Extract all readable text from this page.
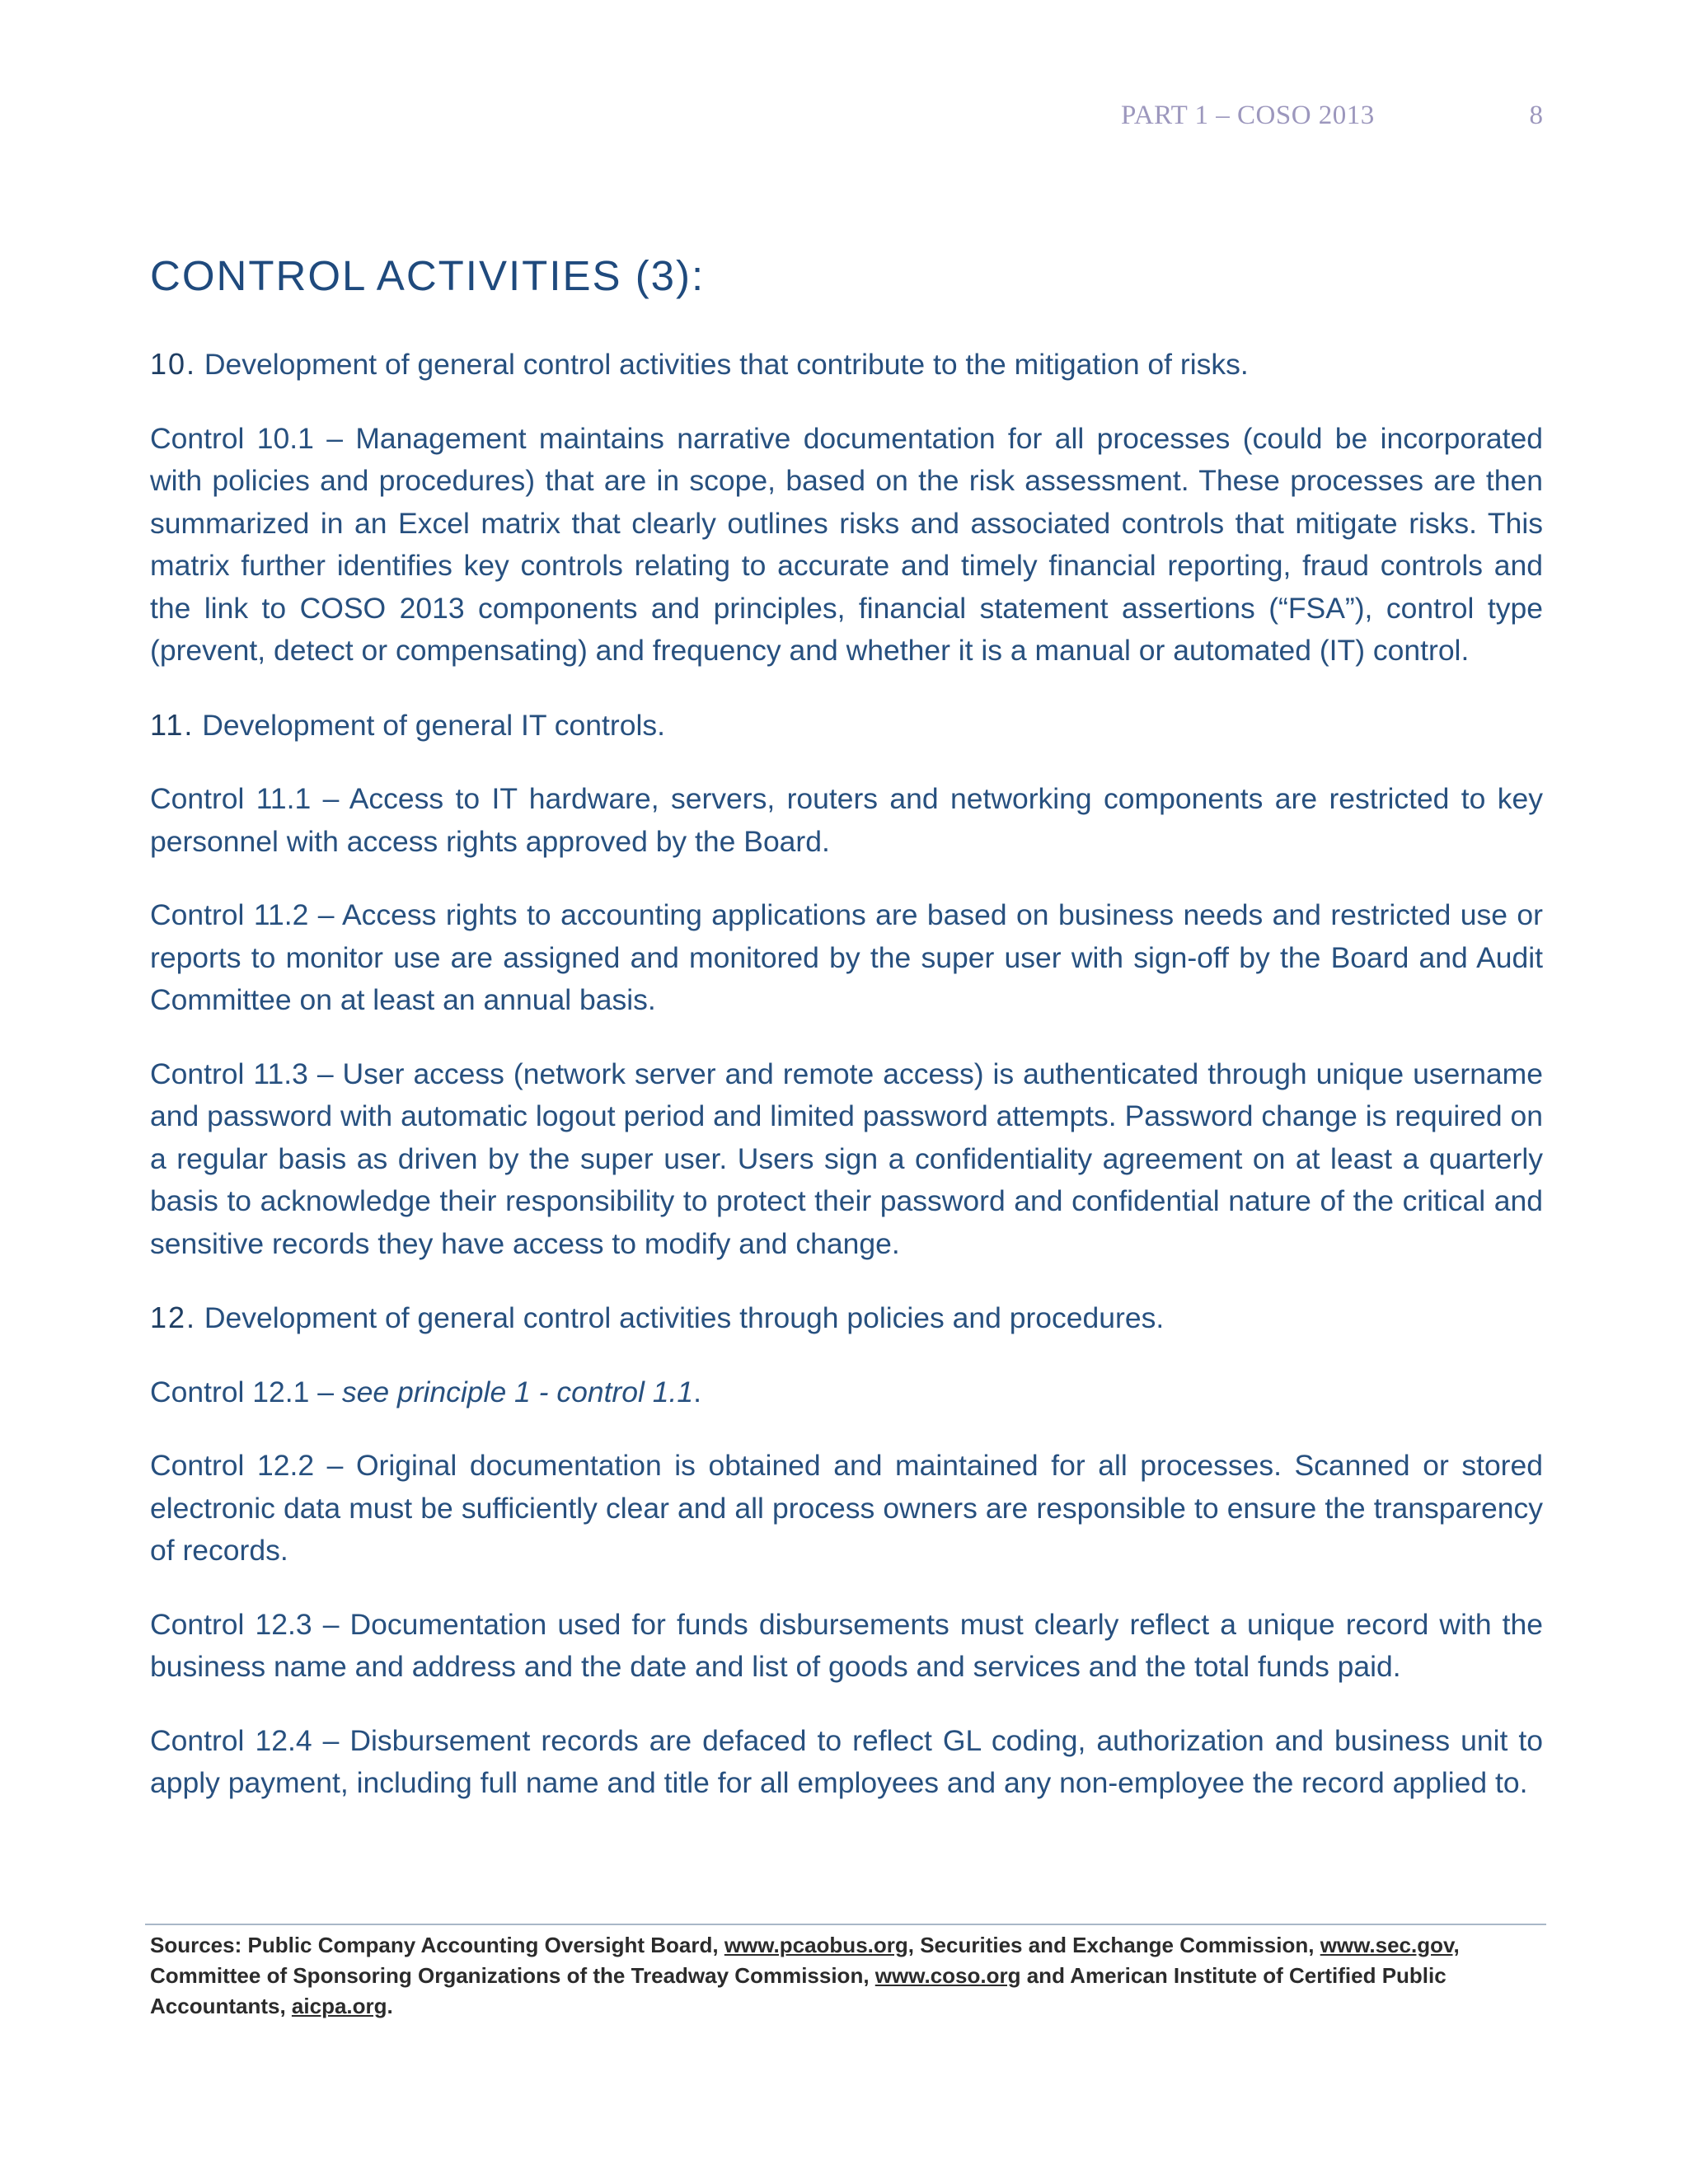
PART 1 – COSO 2013	8
CONTROL ACTIVITIES (3):

10. Development of general control activities that contribute to the mitigation of risks.

Control 10.1 – Management maintains narrative documentation for all processes (could be incorporated with policies and procedures) that are in scope, based on the risk assessment. These processes are then summarized in an Excel matrix that clearly outlines risks and associated controls that mitigate risks. This matrix further identifies key controls relating to accurate and timely financial reporting, fraud controls and the link to COSO 2013 components and principles, financial statement assertions (“FSA”), control type (prevent, detect or compensating) and frequency and whether it is a manual or automated (IT) control.

11. Development of general IT controls.

Control 11.1 – Access to IT hardware, servers, routers and networking components are restricted to key personnel with access rights approved by the Board.

Control 11.2 – Access rights to accounting applications are based on business needs and restricted use or reports to monitor use are assigned and monitored by the super user with sign-off by the Board and Audit Committee on at least an annual basis.

Control 11.3 – User access (network server and remote access) is authenticated through unique username and password with automatic logout period and limited password attempts. Password change is required on a regular basis as driven by the super user. Users sign a confidentiality agreement on at least a quarterly basis to acknowledge their responsibility to protect their password and confidential nature of the critical and sensitive records they have access to modify and change.

12. Development of general control activities through policies and procedures.

Control 12.1 – see principle 1 - control 1.1.

Control 12.2 – Original documentation is obtained and maintained for all processes. Scanned or stored electronic data must be sufficiently clear and all process owners are responsible to ensure the transparency of records.

Control 12.3 – Documentation used for funds disbursements must clearly reflect a unique record with the business name and address and the date and list of goods and services and the total funds paid.

Control 12.4 – Disbursement records are defaced to reflect GL coding, authorization and business unit to apply payment, including full name and title for all employees and any non-employee the record applied to.

Sources: Public Company Accounting Oversight Board, www.pcaobus.org, Securities and Exchange Commission, www.sec.gov, Committee of Sponsoring Organizations of the Treadway Commission, www.coso.org and American Institute of Certified Public Accountants, aicpa.org.
